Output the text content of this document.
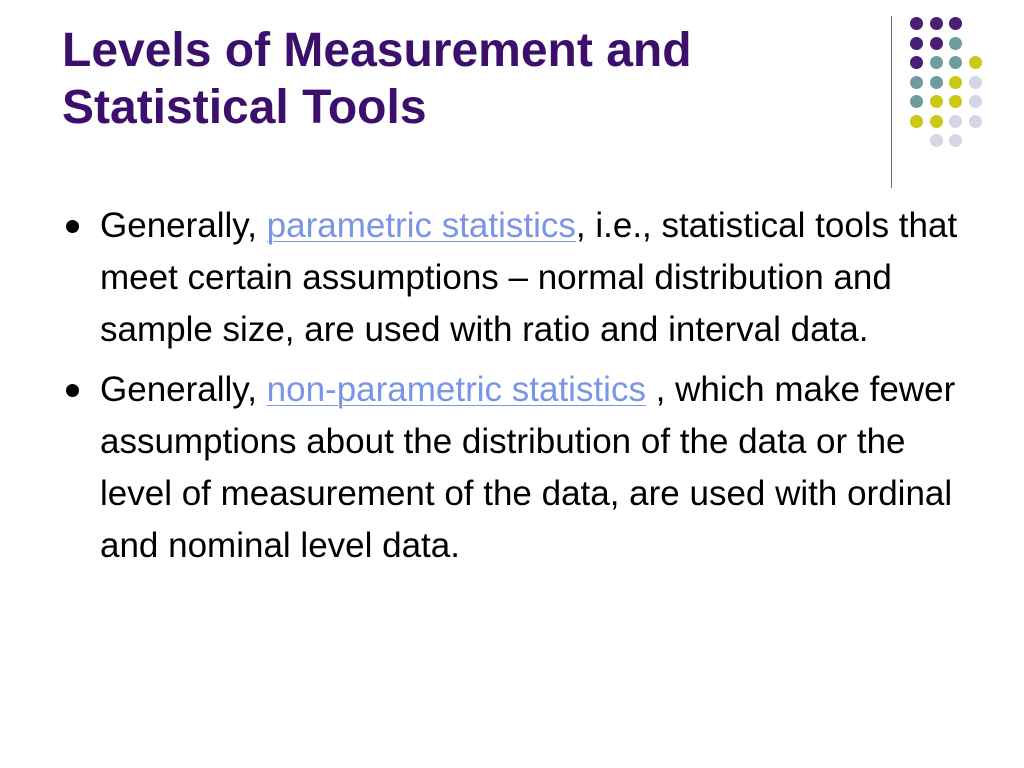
Levels of Measurement and Statistical Tools
Generally, parametric statistics, i.e., statistical tools that meet certain assumptions – normal distribution and sample size, are used with ratio and interval data.
Generally, non-parametric statistics , which make fewer assumptions about the distribution of the data or the level of measurement of the data, are used with ordinal and nominal level data.
